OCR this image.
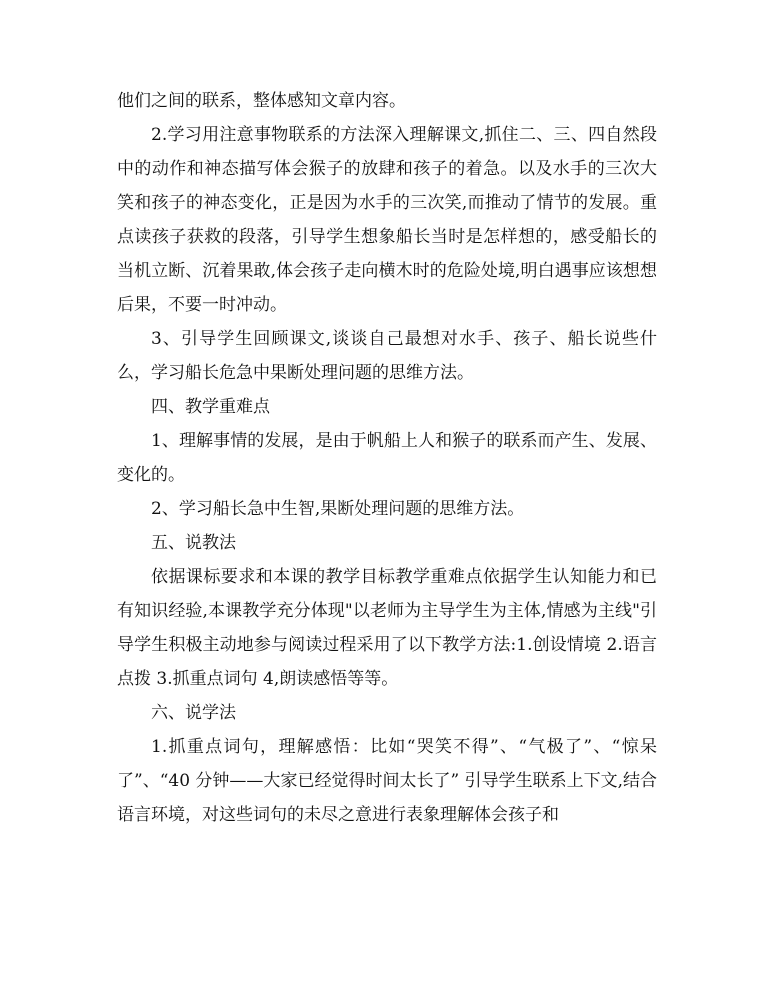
他们之间的联系，整体感知文章内容。

2.学习用注意事物联系的方法深入理解课文,抓住二、三、四自然段中的动作和神态描写体会猴子的放肆和孩子的着急。以及水手的三次大笑和孩子的神态变化，正是因为水手的三次笑,而推动了情节的发展。重点读孩子获救的段落，引导学生想象船长当时是怎样想的，感受船长的当机立断、沉着果敢,体会孩子走向横木时的危险处境,明白遇事应该想想后果，不要一时冲动。

3、引导学生回顾课文,谈谈自己最想对水手、孩子、船长说些什么，学习船长危急中果断处理问题的思维方法。

四、教学重难点

1、理解事情的发展，是由于帆船上人和猴子的联系而产生、发展、变化的。

2、学习船长急中生智,果断处理问题的思维方法。

五、说教法

依据课标要求和本课的教学目标教学重难点依据学生认知能力和已有知识经验,本课教学充分体现"以老师为主导学生为主体,情感为主线"引导学生积极主动地参与阅读过程采用了以下教学方法:1.创设情境 2.语言点拨 3.抓重点词句 4,朗读感悟等等。

六、说学法

1.抓重点词句，理解感悟：比如“哭笑不得”、“气极了”、“惊呆了”、“40 分钟——大家已经觉得时间太长了” 引导学生联系上下文,结合语言环境，对这些词句的未尽之意进行表象理解体会孩子和
